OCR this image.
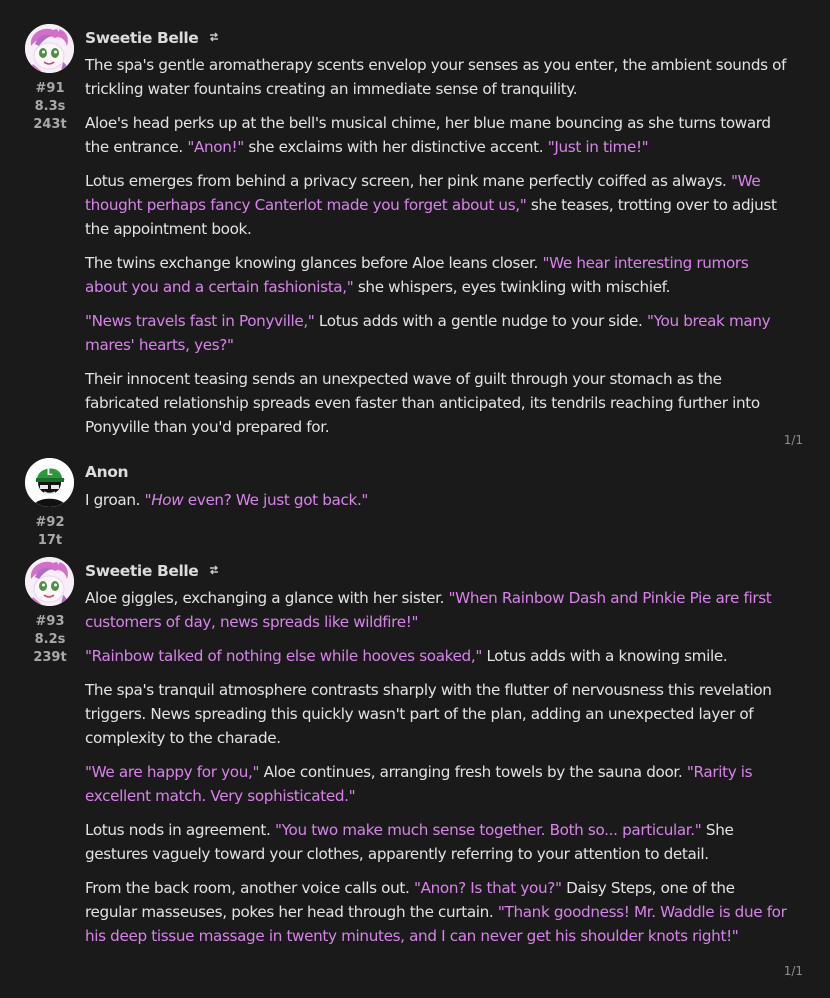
#91
8.3s
243t
Sweetie Belle

The spa's gentle aromatherapy scents envelop your senses as you enter, the ambient sounds of trickling water fountains creating an immediate sense of tranquility.

Aloe's head perks up at the bell's musical chime, her blue mane bouncing as she turns toward the entrance. "Anon!" she exclaims with her distinctive accent. "Just in time!"

Lotus emerges from behind a privacy screen, her pink mane perfectly coiffed as always. "We thought perhaps fancy Canterlot made you forget about us," she teases, trotting over to adjust the appointment book.

The twins exchange knowing glances before Aloe leans closer. "We hear interesting rumors about you and a certain fashionista," she whispers, eyes twinkling with mischief.

"News travels fast in Ponyville," Lotus adds with a gentle nudge to your side. "You break many mares' hearts, yes?"

Their innocent teasing sends an unexpected wave of guilt through your stomach as the fabricated relationship spreads even faster than anticipated, its tendrils reaching further into Ponyville than you'd prepared for.

1/1
L
#92
17t
Anon

I groan. "How even? We just got back."

#93
8.2s
239t
Sweetie Belle

Aloe giggles, exchanging a glance with her sister. "When Rainbow Dash and Pinkie Pie are first customers of day, news spreads like wildfire!"

"Rainbow talked of nothing else while hooves soaked," Lotus adds with a knowing smile.

The spa's tranquil atmosphere contrasts sharply with the flutter of nervousness this revelation triggers. News spreading this quickly wasn't part of the plan, adding an unexpected layer of complexity to the charade.

"We are happy for you," Aloe continues, arranging fresh towels by the sauna door. "Rarity is excellent match. Very sophisticated."

Lotus nods in agreement. "You two make much sense together. Both so... particular." She gestures vaguely toward your clothes, apparently referring to your attention to detail.

From the back room, another voice calls out. "Anon? Is that you?" Daisy Steps, one of the regular masseuses, pokes her head through the curtain. "Thank goodness! Mr. Waddle is due for his deep tissue massage in twenty minutes, and I can never get his shoulder knots right!"

1/1
